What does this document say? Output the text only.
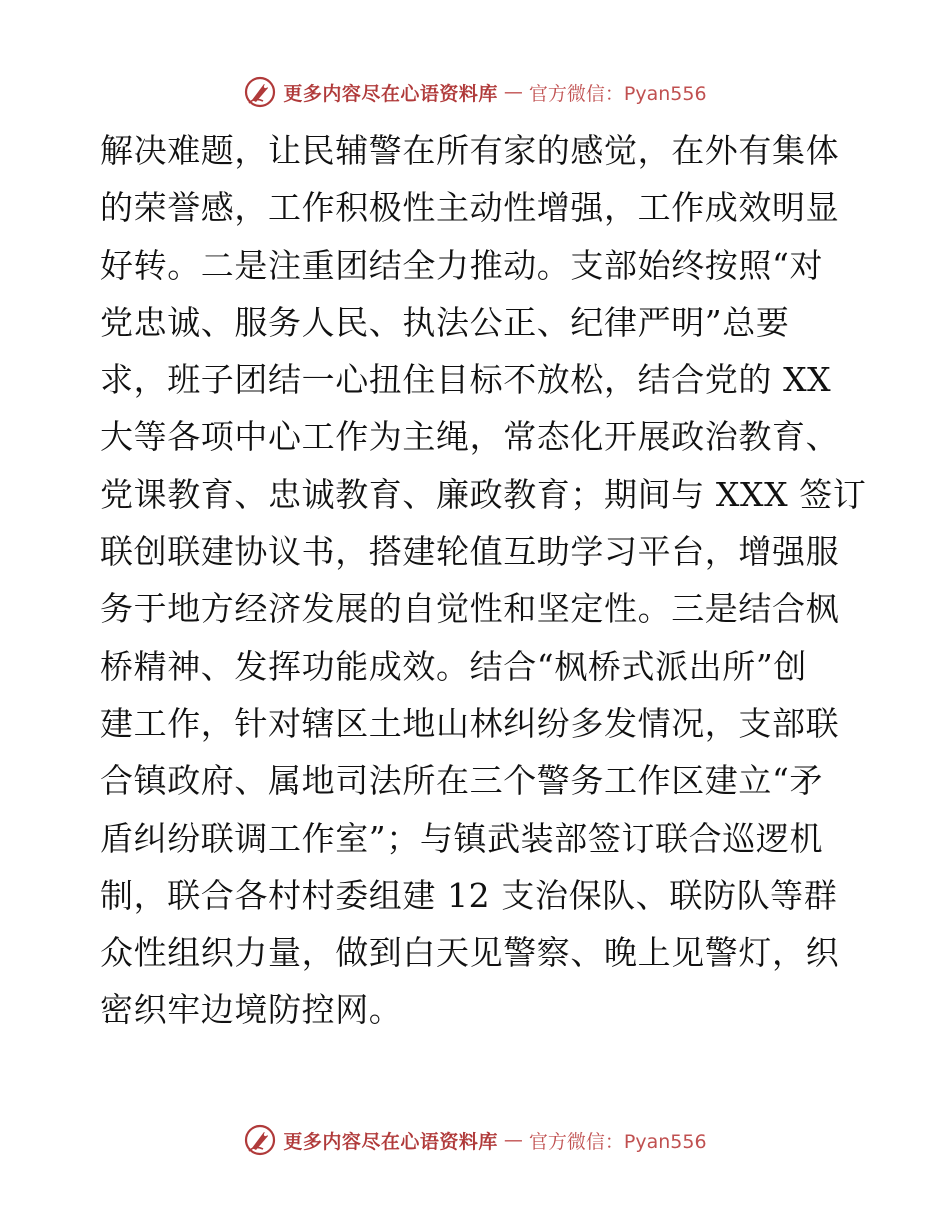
更多内容尽在心语资料库 — 官方微信：Pyan556
解决难题，让民辅警在所有家的感觉，在外有集体
的荣誉感，工作积极性主动性增强，工作成效明显
好转。二是注重团结全力推动。支部始终按照“对
党忠诚、服务人民、执法公正、纪律严明”总要
求，班子团结一心扭住目标不放松，结合党的 XX
大等各项中心工作为主绳，常态化开展政治教育、
党课教育、忠诚教育、廉政教育；期间与 XXX 签订
联创联建协议书，搭建轮值互助学习平台，增强服
务于地方经济发展的自觉性和坚定性。三是结合枫
桥精神、发挥功能成效。结合“枫桥式派出所”创
建工作，针对辖区土地山林纠纷多发情况，支部联
合镇政府、属地司法所在三个警务工作区建立“矛
盾纠纷联调工作室”；与镇武装部签订联合巡逻机
制，联合各村村委组建 12 支治保队、联防队等群
众性组织力量，做到白天见警察、晚上见警灯，织
密织牢边境防控网。
更多内容尽在心语资料库 — 官方微信：Pyan556
